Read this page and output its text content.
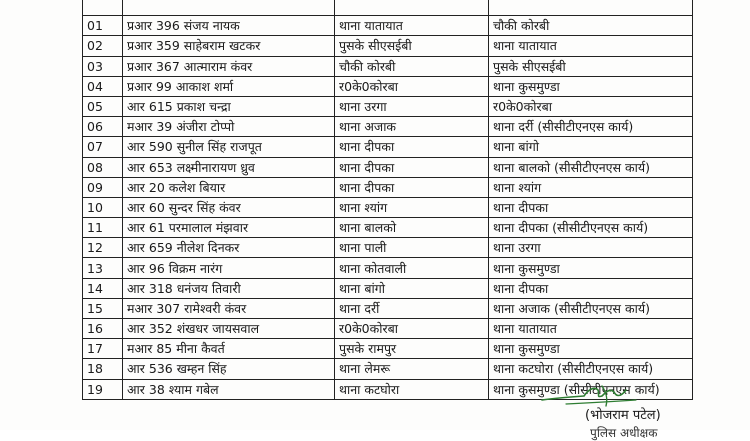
01	प्रआर 396 संजय नायक	थाना यातायात	चौकी कोरबी
02	प्रआर 359 साहेबराम खटकर	पुसके सीएसईबी	थाना यातायात
03	प्रआर 367 आत्माराम कंवर	चौकी कोरबी	पुसके सीएसईबी
04	प्रआर 99 आकाश शर्मा	र0के0कोरबा	थाना कुसमुण्डा
05	आर 615 प्रकाश चन्द्रा	थाना उरगा	र0के0कोरबा
06	मआर 39 अंजीरा टोप्पो	थाना अजाक	थाना दर्री (सीसीटीएनएस कार्य)
07	आर 590 सुनील सिंह राजपूत	थाना दीपका	थाना बांगो
08	आर 653 लक्ष्मीनारायण ध्रुव	थाना दीपका	थाना बालको (सीसीटीएनएस कार्य)
09	आर 20 कलेश बियार	थाना दीपका	थाना श्यांग
10	आर 60 सुन्दर सिंह कंवर	थाना श्यांग	थाना दीपका
11	आर 61 परमालाल मंझवार	थाना बालको	थाना दीपका (सीसीटीएनएस कार्य)
12	आर 659 नीलेश दिनकर	थाना पाली	थाना उरगा
13	आर 96 विक्रम नारंग	थाना कोतवाली	थाना कुसमुण्डा
14	आर 318 धनंजय तिवारी	थाना बांगो	थाना दीपका
15	मआर 307 रामेश्वरी कंवर	थाना दर्री	थाना अजाक (सीसीटीएनएस कार्य)
16	आर 352 शंखधर जायसवाल	र0के0कोरबा	थाना यातायात
17	मआर 85 मीना कैवर्त	पुसके रामपुर	थाना कुसमुण्डा
18	आर 536 खम्हन सिंह	थाना लेमरू	थाना कटघोरा (सीसीटीएनएस कार्य)
19	आर 38 श्याम गबेल	थाना कटघोरा	थाना कुसमुण्डा (सीसीटीएनएस कार्य)
(भोजराम पटेल)
पुलिस अधीक्षक
